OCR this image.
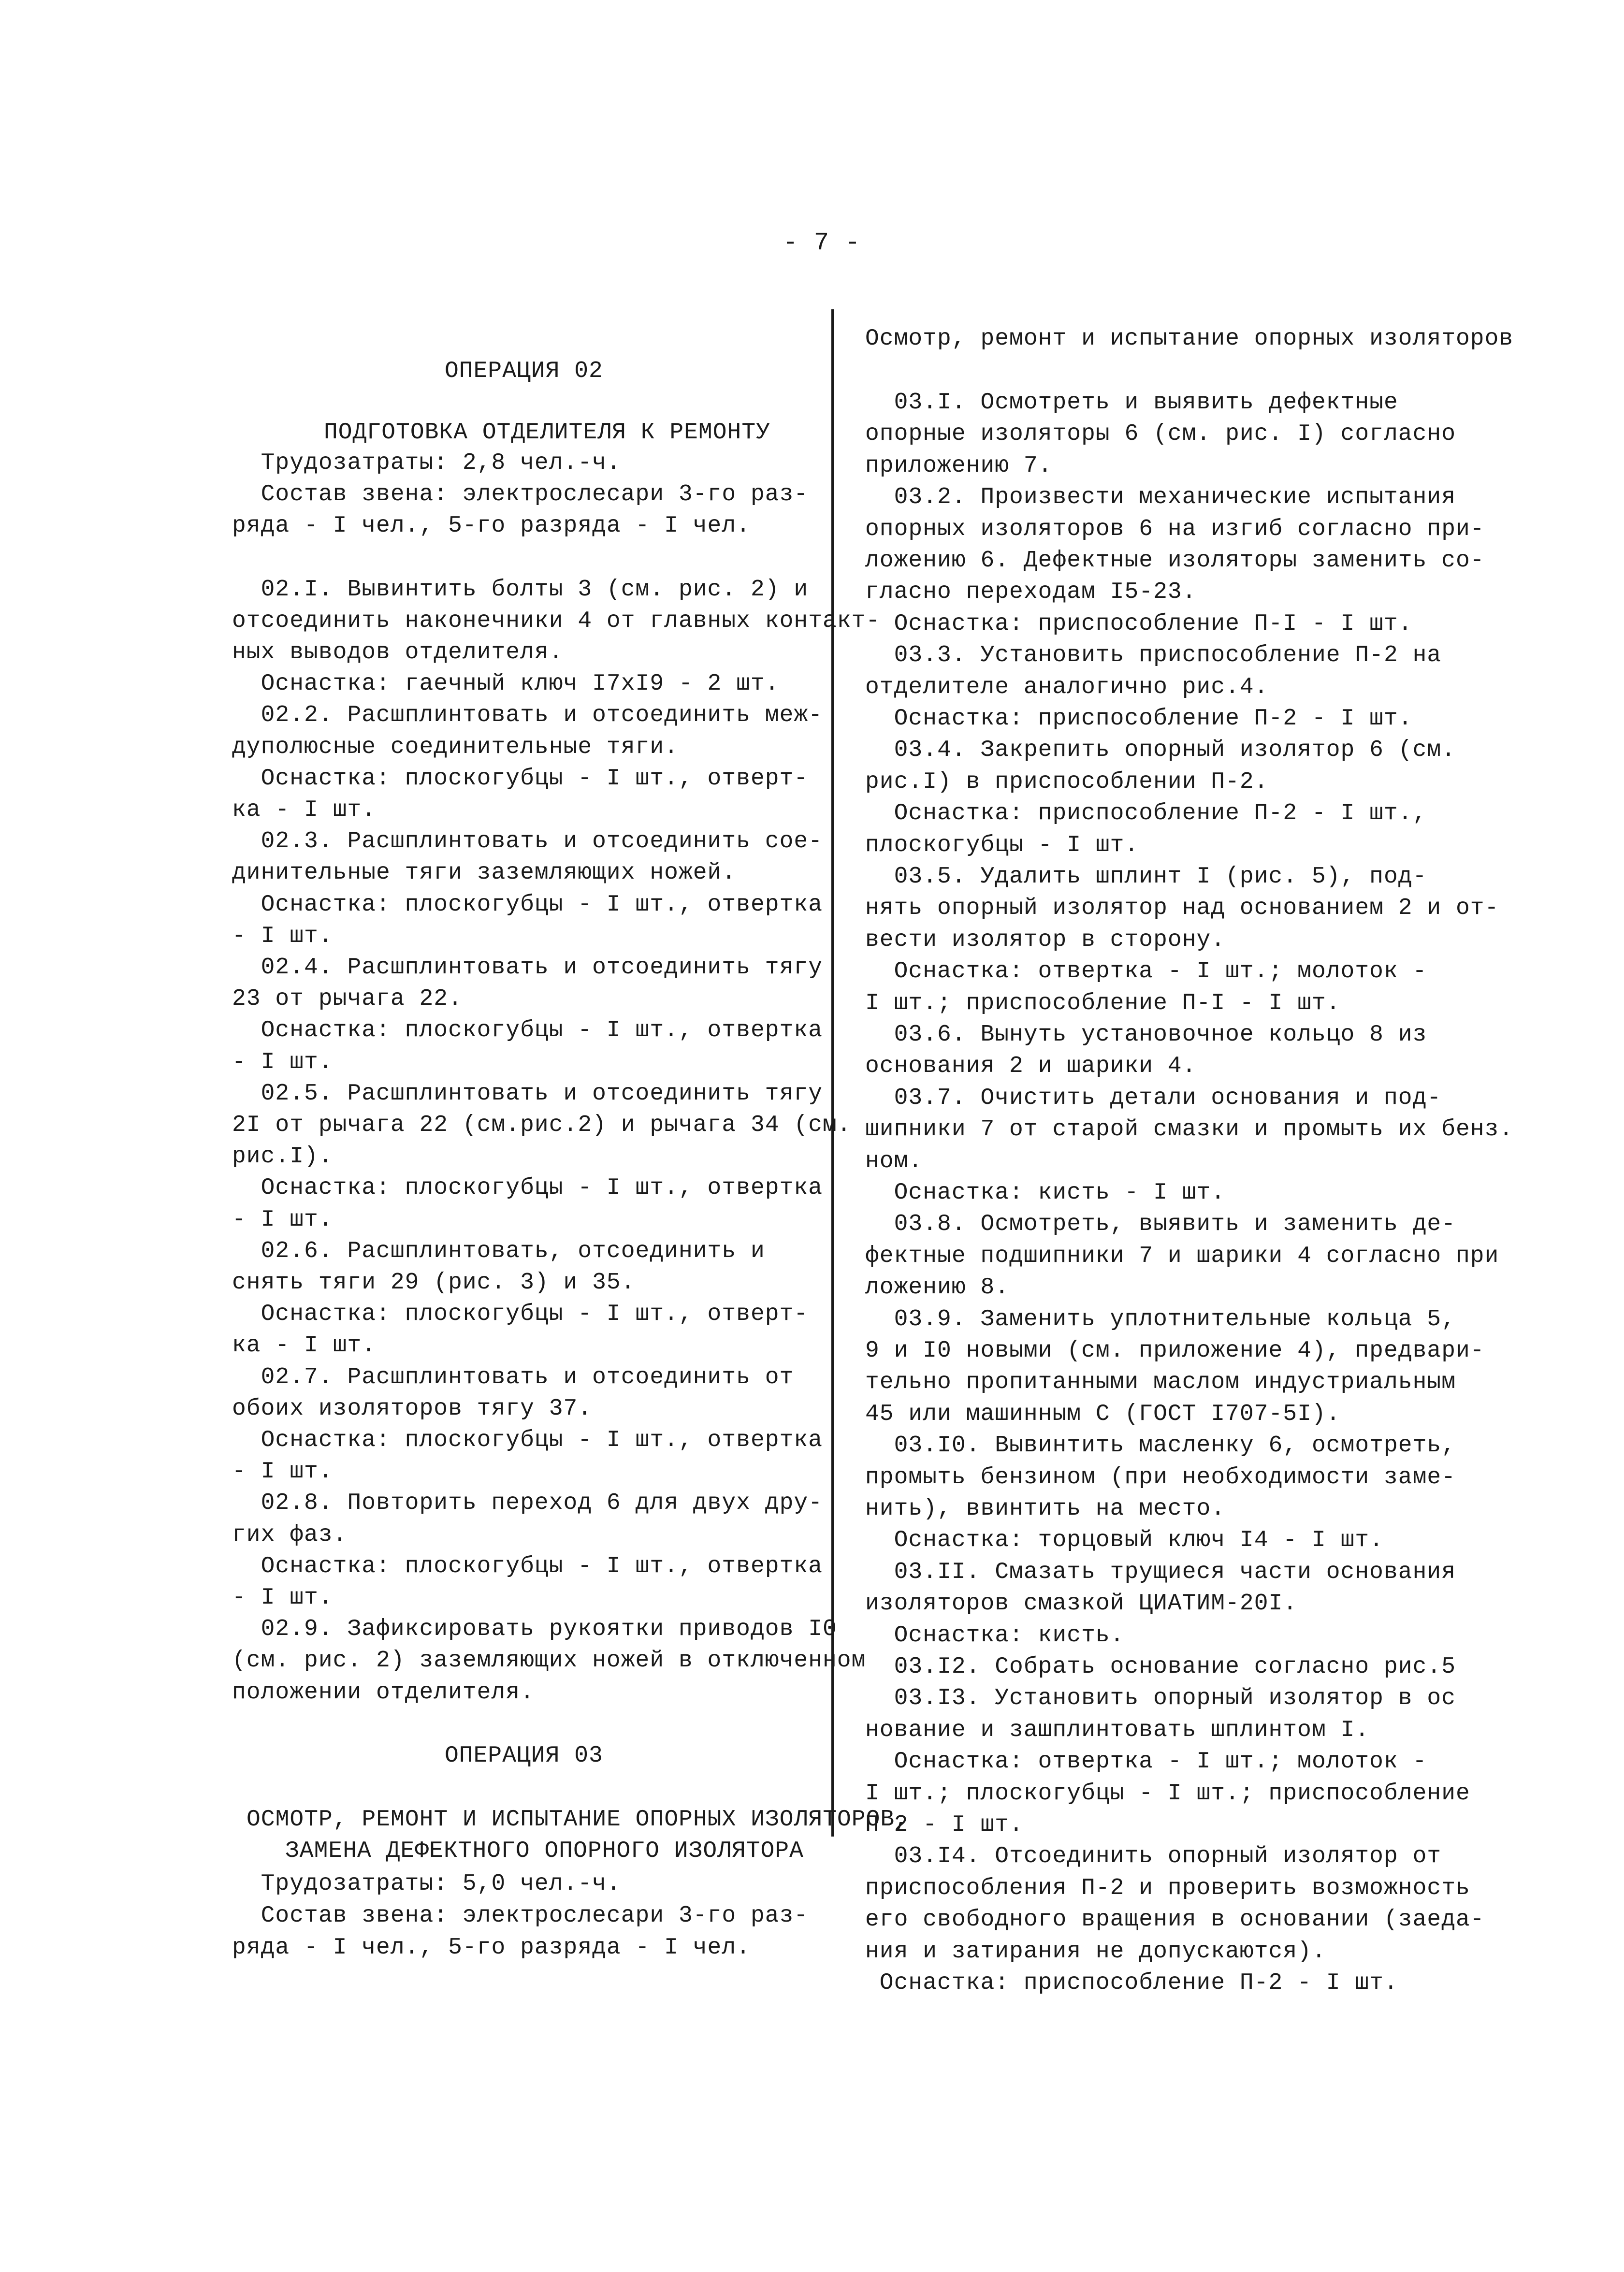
- 7 -
ОПЕРАЦИЯ 02
ПОДГОТОВКА ОТДЕЛИТЕЛЯ К РЕМОНТУ
Трудозатраты: 2,8 чел.-ч.
Состав звена: электрослесари 3-го раз-
ряда - I чел., 5-го разряда - I чел.
02.I. Вывинтить болты 3 (см. рис. 2) и
отсоединить наконечники 4 от главных контакт-
ных выводов отделителя.
Оснастка: гаечный ключ I7xI9 - 2 шт.
02.2. Расшплинтовать и отсоединить меж-
дуполюсные соединительные тяги.
Оснастка: плоскогубцы - I шт., отверт-
ка - I шт.
02.3. Расшплинтовать и отсоединить сое-
динительные тяги заземляющих ножей.
Оснастка: плоскогубцы - I шт., отвертка
- I шт.
02.4. Расшплинтовать и отсоединить тягу
23 от рычага 22.
Оснастка: плоскогубцы - I шт., отвертка
- I шт.
02.5. Расшплинтовать и отсоединить тягу
2I от рычага 22 (см.рис.2) и рычага 34 (см.
рис.I).
Оснастка: плоскогубцы - I шт., отвертка
- I шт.
02.6. Расшплинтовать, отсоединить и
снять тяги 29 (рис. 3) и 35.
Оснастка: плоскогубцы - I шт., отверт-
ка - I шт.
02.7. Расшплинтовать и отсоединить от
обоих изоляторов тягу 37.
Оснастка: плоскогубцы - I шт., отвертка
- I шт.
02.8. Повторить переход 6 для двух дру-
гих фаз.
Оснастка: плоскогубцы - I шт., отвертка
- I шт.
02.9. Зафиксировать рукоятки приводов I0
(см. рис. 2) заземляющих ножей в отключенном
положении отделителя.
ОПЕРАЦИЯ 03
ОСМОТР, РЕМОНТ И ИСПЫТАНИЕ ОПОРНЫХ ИЗОЛЯТОРОВ,
ЗАМЕНА ДЕФЕКТНОГО ОПОРНОГО ИЗОЛЯТОРА
Трудозатраты: 5,0 чел.-ч.
Состав звена: электрослесари 3-го раз-
ряда - I чел., 5-го разряда - I чел.
Осмотр, ремонт и испытание опорных изоляторов
03.I. Осмотреть и выявить дефектные
опорные изоляторы 6 (см. рис. I) согласно
приложению 7.
03.2. Произвести механические испытания
опорных изоляторов 6 на изгиб согласно при-
ложению 6. Дефектные изоляторы заменить со-
гласно переходам I5-23.
Оснастка: приспособление П-I - I шт.
03.3. Установить приспособление П-2 на
отделителе аналогично рис.4.
Оснастка: приспособление П-2 - I шт.
03.4. Закрепить опорный изолятор 6 (см.
рис.I) в приспособлении П-2.
Оснастка: приспособление П-2 - I шт.,
плоскогубцы - I шт.
03.5. Удалить шплинт I (рис. 5), под-
нять опорный изолятор над основанием 2 и от-
вести изолятор в сторону.
Оснастка: отвертка - I шт.; молоток -
I шт.; приспособление П-I - I шт.
03.6. Вынуть установочное кольцо 8 из
основания 2 и шарики 4.
03.7. Очистить детали основания и под-
шипники 7 от старой смазки и промыть их бенз.
ном.
Оснастка: кисть - I шт.
03.8. Осмотреть, выявить и заменить де-
фектные подшипники 7 и шарики 4 согласно при
ложению 8.
03.9. Заменить уплотнительные кольца 5,
9 и I0 новыми (см. приложение 4), предвари-
тельно пропитанными маслом индустриальным
45 или машинным С (ГОСТ I707-5I).
03.I0. Вывинтить масленку 6, осмотреть,
промыть бензином (при необходимости заме-
нить), ввинтить на место.
Оснастка: торцовый ключ I4 - I шт.
03.II. Смазать трущиеся части основания
изоляторов смазкой ЦИАТИМ-20I.
Оснастка: кисть.
03.I2. Собрать основание согласно рис.5
03.I3. Установить опорный изолятор в ос
нование и зашплинтовать шплинтом I.
Оснастка: отвертка - I шт.; молоток -
I шт.; плоскогубцы - I шт.; приспособление
П-2 - I шт.
03.I4. Отсоединить опорный изолятор от
приспособления П-2 и проверить возможность
его свободного вращения в основании (заеда-
ния и затирания не допускаются).
Оснастка: приспособление П-2 - I шт.
